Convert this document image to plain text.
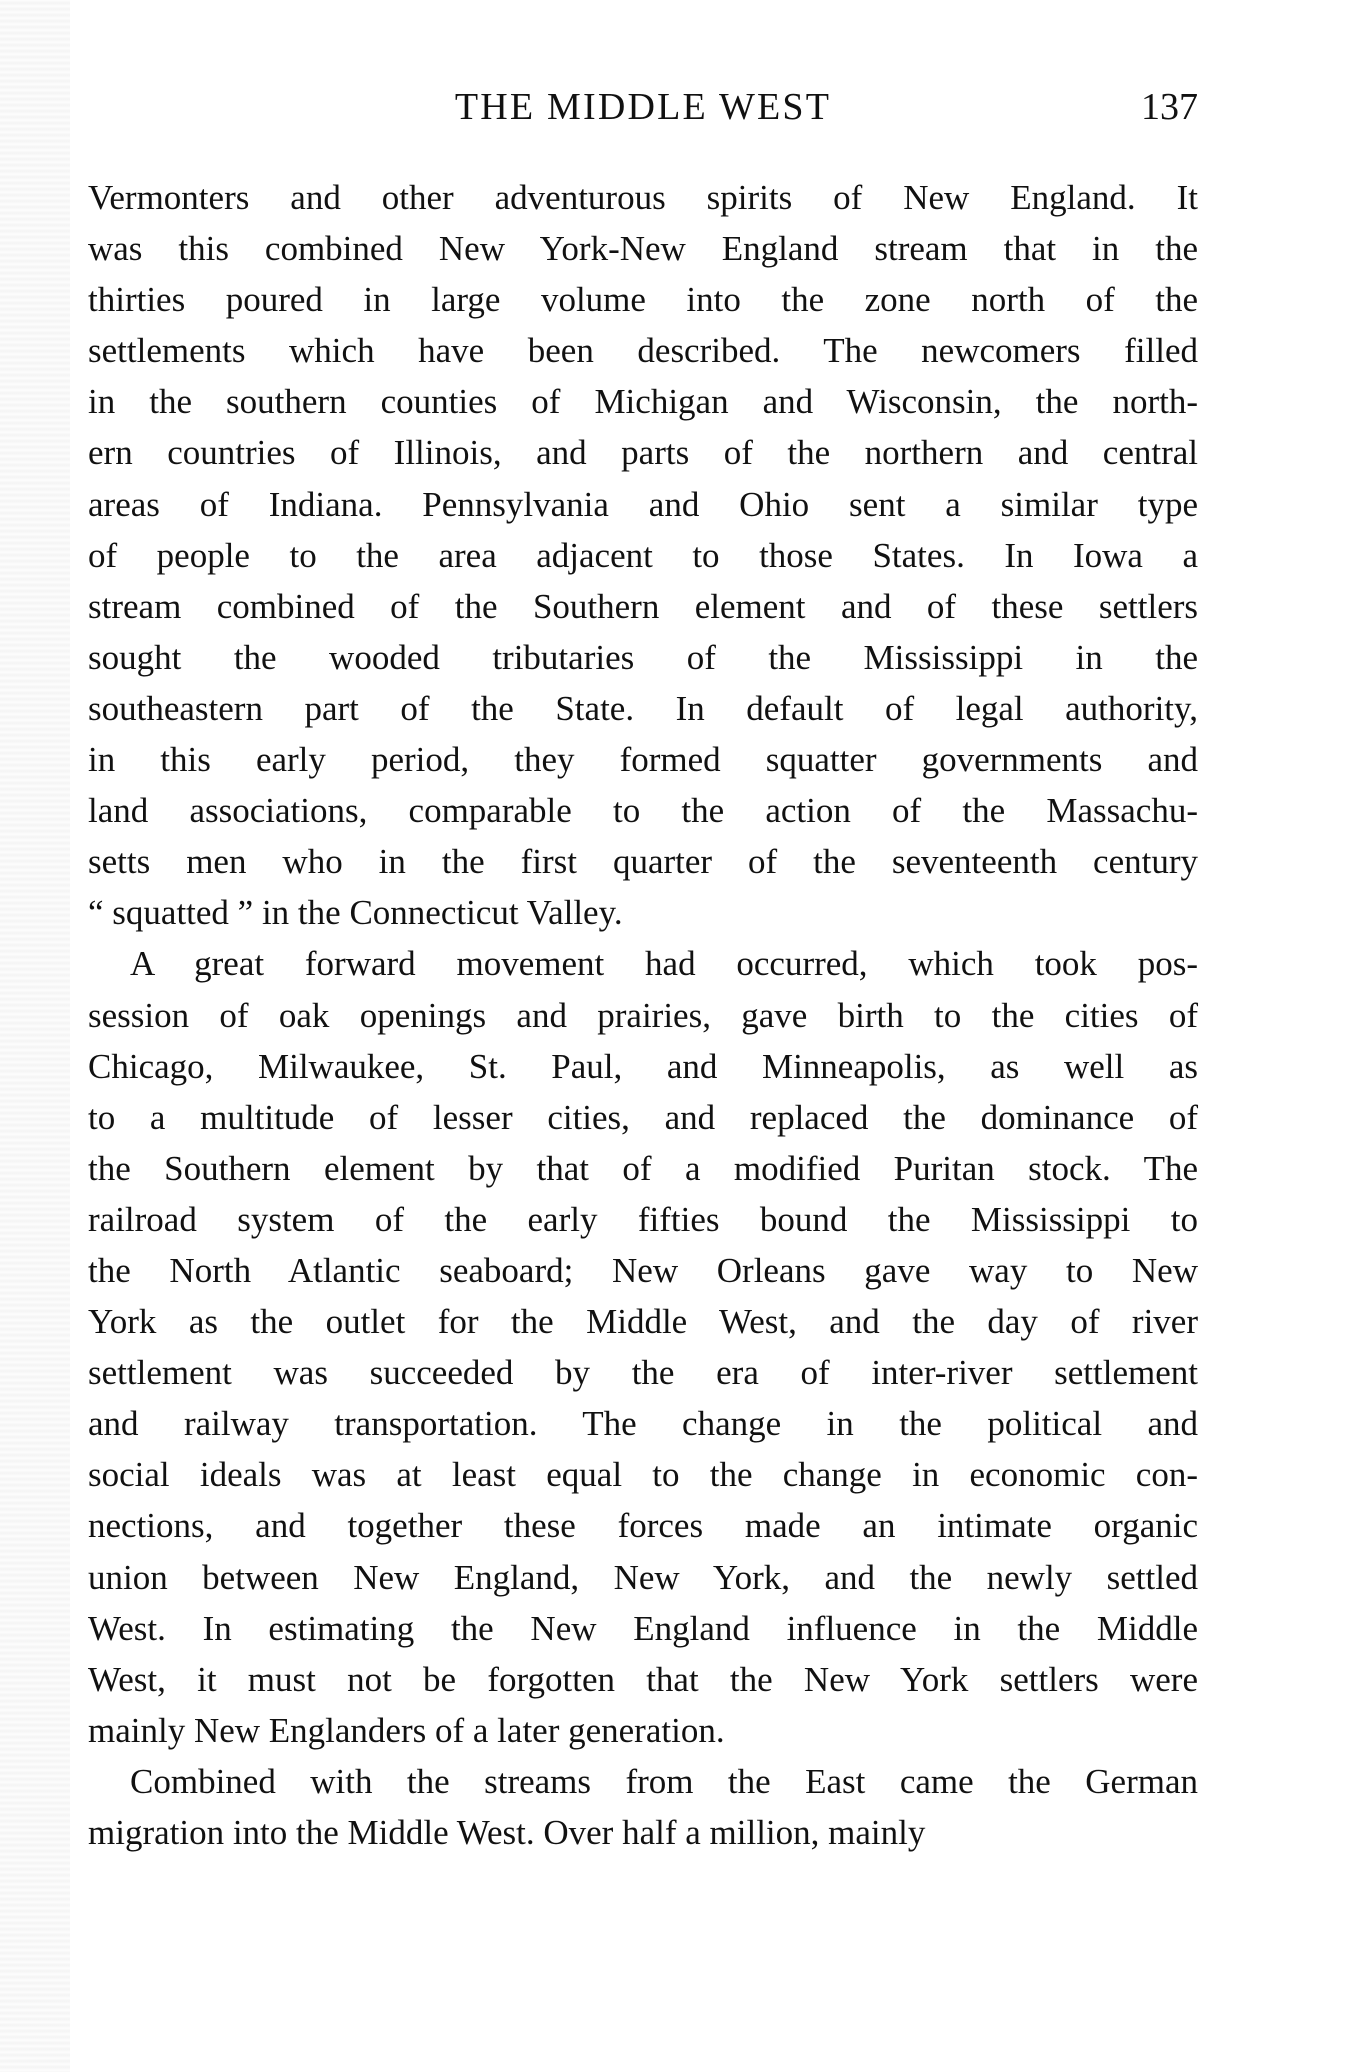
THE MIDDLE WEST	137
Vermonters and other adventurous spirits of New England. It
was this combined New York-New England stream that in the
thirties poured in large volume into the zone north of the
settlements which have been described. The newcomers filled
in the southern counties of Michigan and Wisconsin, the north-
ern countries of Illinois, and parts of the northern and central
areas of Indiana. Pennsylvania and Ohio sent a similar type
of people to the area adjacent to those States. In Iowa a
stream combined of the Southern element and of these settlers
sought the wooded tributaries of the Mississippi in the
southeastern part of the State. In default of legal authority,
in this early period, they formed squatter governments and
land associations, comparable to the action of the Massachu-
setts men who in the first quarter of the seventeenth century
“ squatted ” in the Connecticut Valley.
A great forward movement had occurred, which took pos-
session of oak openings and prairies, gave birth to the cities of
Chicago, Milwaukee, St. Paul, and Minneapolis, as well as
to a multitude of lesser cities, and replaced the dominance of
the Southern element by that of a modified Puritan stock. The
railroad system of the early fifties bound the Mississippi to
the North Atlantic seaboard; New Orleans gave way to New
York as the outlet for the Middle West, and the day of river
settlement was succeeded by the era of inter-river settlement
and railway transportation. The change in the political and
social ideals was at least equal to the change in economic con-
nections, and together these forces made an intimate organic
union between New England, New York, and the newly settled
West. In estimating the New England influence in the Middle
West, it must not be forgotten that the New York settlers were
mainly New Englanders of a later generation.
Combined with the streams from the East came the German
migration into the Middle West. Over half a million, mainly
